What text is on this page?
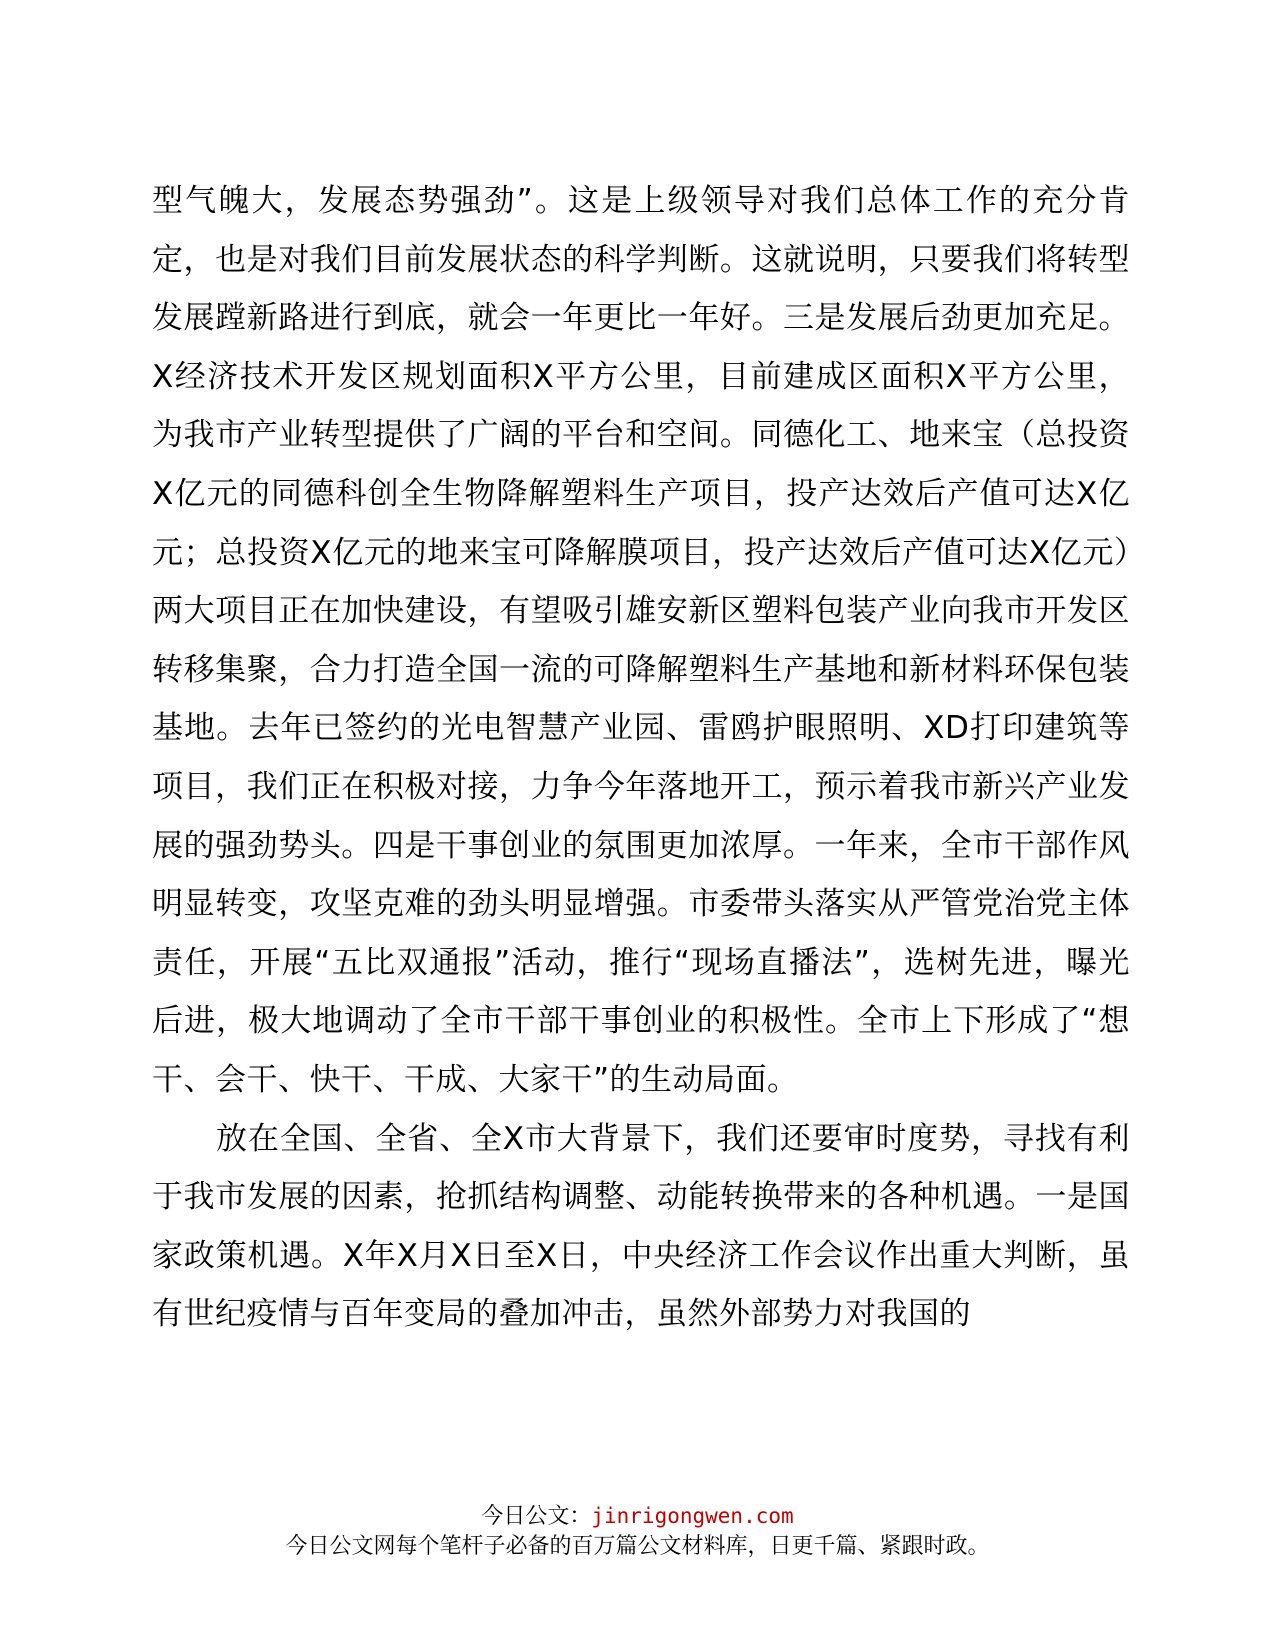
型气魄大，发展态势强劲”。这是上级领导对我们总体工作的充分肯定，也是对我们目前发展状态的科学判断。这就说明，只要我们将转型发展蹚新路进行到底，就会一年更比一年好。三是发展后劲更加充足。X经济技术开发区规划面积X平方公里，目前建成区面积X平方公里，为我市产业转型提供了广阔的平台和空间。同德化工、地来宝（总投资X亿元的同德科创全生物降解塑料生产项目，投产达效后产值可达X亿元；总投资X亿元的地来宝可降解膜项目，投产达效后产值可达X亿元）两大项目正在加快建设，有望吸引雄安新区塑料包装产业向我市开发区转移集聚，合力打造全国一流的可降解塑料生产基地和新材料环保包装基地。去年已签约的光电智慧产业园、雷鸥护眼照明、XD打印建筑等项目，我们正在积极对接，力争今年落地开工，预示着我市新兴产业发展的强劲势头。四是干事创业的氛围更加浓厚。一年来，全市干部作风明显转变，攻坚克难的劲头明显增强。市委带头落实从严管党治党主体责任，开展“五比双通报”活动，推行“现场直播法”，选树先进，曝光后进，极大地调动了全市干部干事创业的积极性。全市上下形成了“想干、会干、快干、干成、大家干”的生动局面。

放在全国、全省、全X市大背景下，我们还要审时度势，寻找有利于我市发展的因素，抢抓结构调整、动能转换带来的各种机遇。一是国家政策机遇。X年X月X日至X日，中央经济工作会议作出重大判断，虽有世纪疫情与百年变局的叠加冲击，虽然外部势力对我国的

今日公文：jinrigongwen.com
今日公文网每个笔杆子必备的百万篇公文材料库，日更千篇、紧跟时政。
